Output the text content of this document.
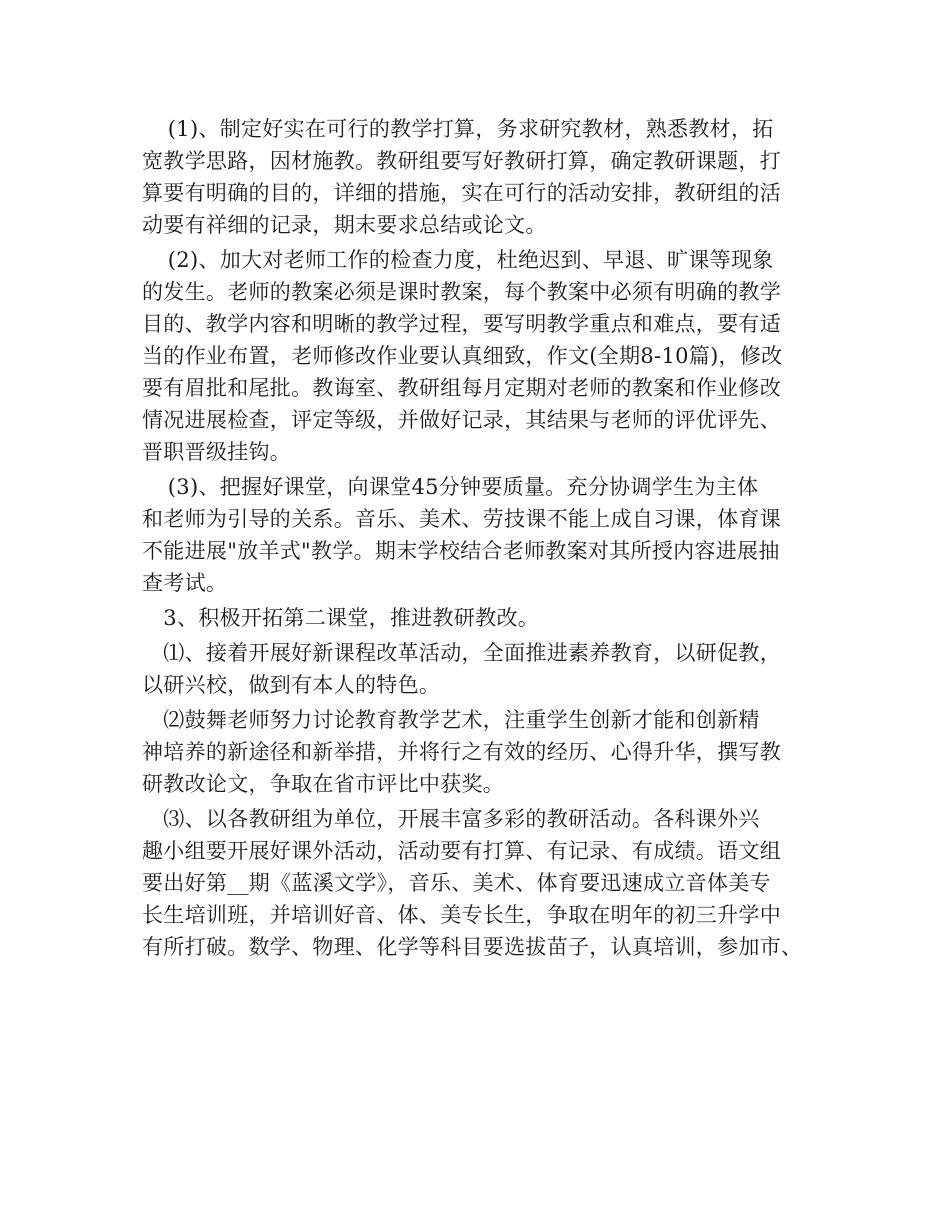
　 (1)、制定好实在可行的教学打算，务求研究教材，熟悉教材，拓
宽教学思路，因材施教。教研组要写好教研打算，确定教研课题，打
算要有明确的目的，详细的措施，实在可行的活动安排，教研组的活
动要有祥细的记录，期末要求总结或论文。
　 (2)、加大对老师工作的检查力度，杜绝迟到、早退、旷课等现象
的发生。老师的教案必须是课时教案，每个教案中必须有明确的教学
目的、教学内容和明晰的教学过程，要写明教学重点和难点，要有适
当的作业布置，老师修改作业要认真细致，作文(全期8-10篇)，修改
要有眉批和尾批。教诲室、教研组每月定期对老师的教案和作业修改
情况进展检查，评定等级，并做好记录，其结果与老师的评优评先、
晋职晋级挂钩。
　 (3)、把握好课堂，向课堂45分钟要质量。充分协调学生为主体
和老师为引导的关系。音乐、美术、劳技课不能上成自习课，体育课
不能进展"放羊式"教学。期末学校结合老师教案对其所授内容进展抽
查考试。
　3、积极开拓第二课堂，推进教研教改。
　⑴、接着开展好新课程改革活动，全面推进素养教育，以研促教，
以研兴校，做到有本人的特色。
　⑵鼓舞老师努力讨论教育教学艺术，注重学生创新才能和创新精
神培养的新途径和新举措，并将行之有效的经历、心得升华，撰写教
研教改论文，争取在省市评比中获奖。
　⑶、以各教研组为单位，开展丰富多彩的教研活动。各科课外兴
趣小组要开展好课外活动，活动要有打算、有记录、有成绩。语文组
要出好第__期《蓝溪文学》，音乐、美术、体育要迅速成立音体美专
长生培训班，并培训好音、体、美专长生，争取在明年的初三升学中
有所打破。数学、物理、化学等科目要选拔苗子，认真培训，参加市、
